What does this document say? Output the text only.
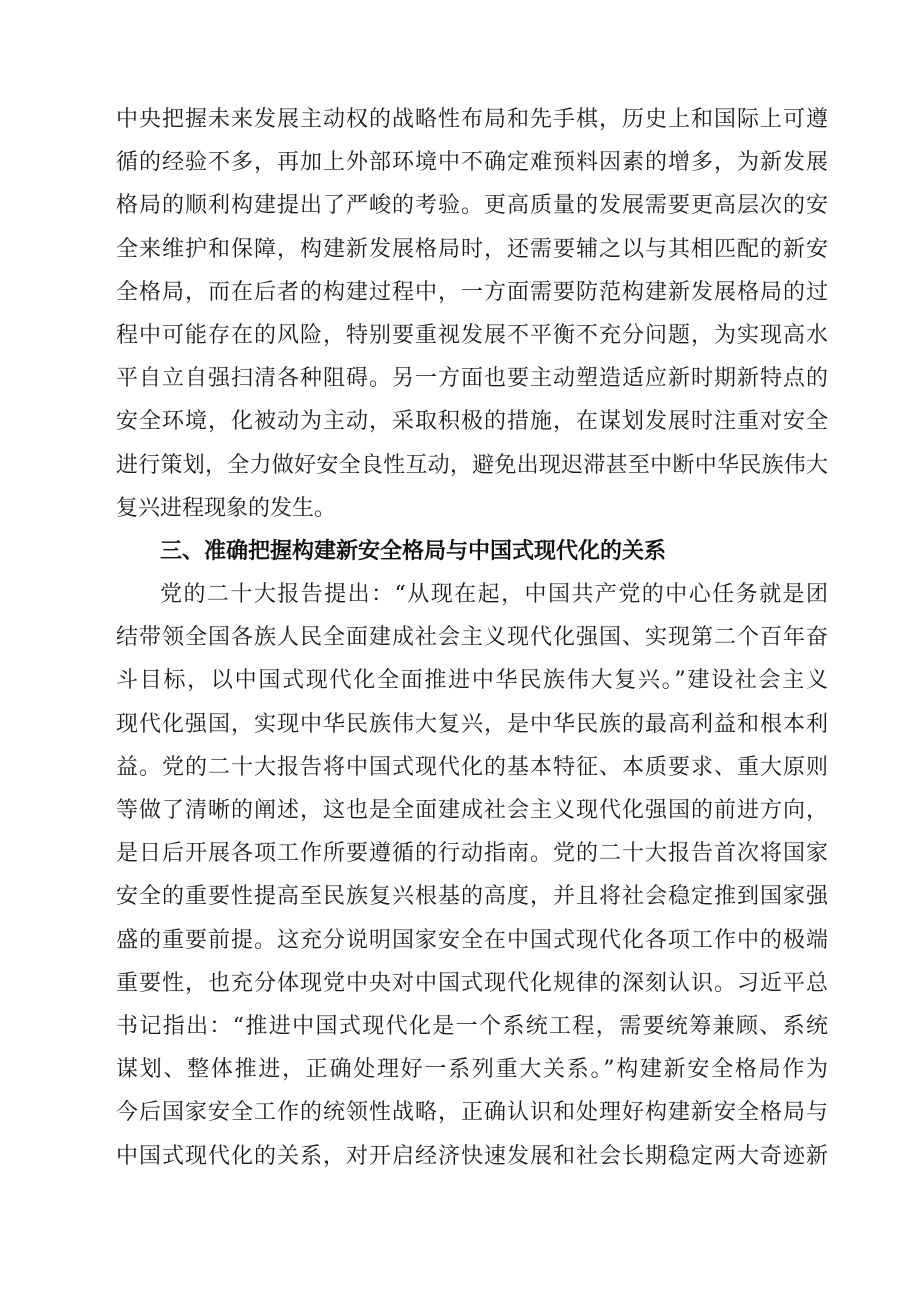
中央把握未来发展主动权的战略性布局和先手棋，历史上和国际上可遵
循的经验不多，再加上外部环境中不确定难预料因素的增多，为新发展
格局的顺利构建提出了严峻的考验。更高质量的发展需要更高层次的安
全来维护和保障，构建新发展格局时，还需要辅之以与其相匹配的新安
全格局，而在后者的构建过程中，一方面需要防范构建新发展格局的过
程中可能存在的风险，特别要重视发展不平衡不充分问题，为实现高水
平自立自强扫清各种阻碍。另一方面也要主动塑造适应新时期新特点的
安全环境，化被动为主动，采取积极的措施，在谋划发展时注重对安全
进行策划，全力做好安全良性互动，避免出现迟滞甚至中断中华民族伟大
复兴进程现象的发生。
三、准确把握构建新安全格局与中国式现代化的关系
党的二十大报告提出：“从现在起，中国共产党的中心任务就是团
结带领全国各族人民全面建成社会主义现代化强国、实现第二个百年奋
斗目标，以中国式现代化全面推进中华民族伟大复兴。”建设社会主义
现代化强国，实现中华民族伟大复兴，是中华民族的最高利益和根本利
益。党的二十大报告将中国式现代化的基本特征、本质要求、重大原则
等做了清晰的阐述，这也是全面建成社会主义现代化强国的前进方向，
是日后开展各项工作所要遵循的行动指南。党的二十大报告首次将国家
安全的重要性提高至民族复兴根基的高度，并且将社会稳定推到国家强
盛的重要前提。这充分说明国家安全在中国式现代化各项工作中的极端
重要性，也充分体现党中央对中国式现代化规律的深刻认识。习近平总
书记指出：“推进中国式现代化是一个系统工程，需要统筹兼顾、系统
谋划、整体推进，正确处理好一系列重大关系。”构建新安全格局作为
今后国家安全工作的统领性战略，正确认识和处理好构建新安全格局与
中国式现代化的关系，对开启经济快速发展和社会长期稳定两大奇迹新
